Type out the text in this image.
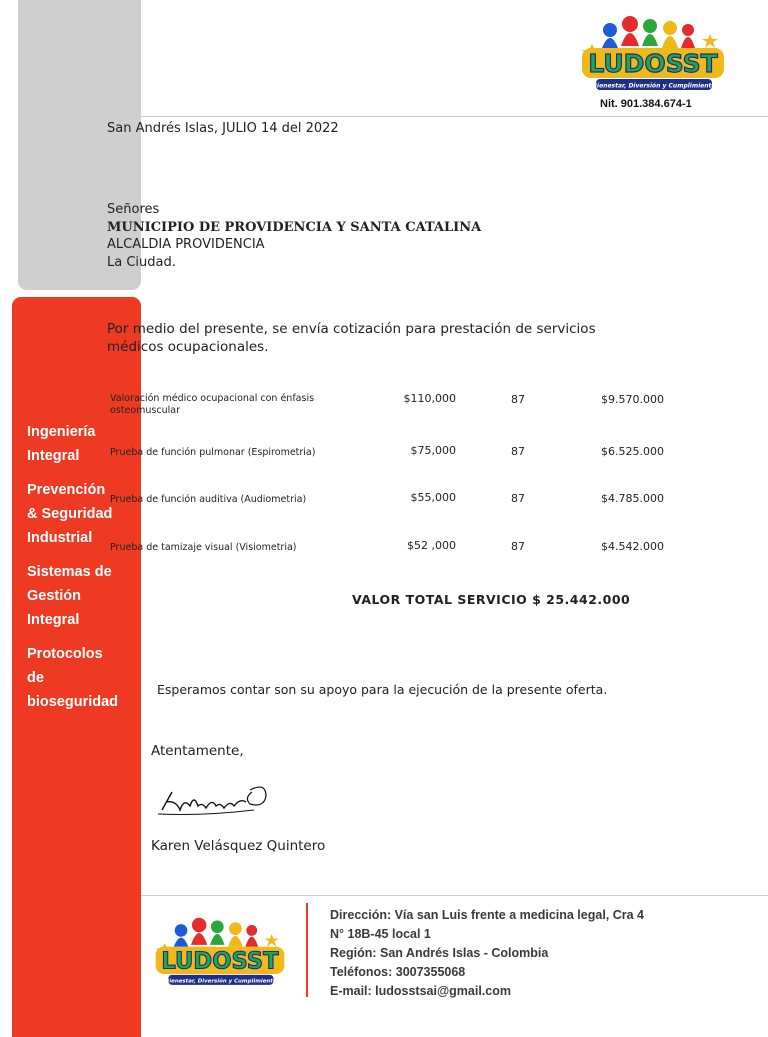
Ingeniería
Integral
Prevención
& Seguridad
Industrial
Sistemas de
Gestión
Integral
Protocolos
de
bioseguridad
LUDOSST
Bienestar, Diversión y Cumplimiento
Nit. 901.384.674-1
San Andrés Islas, JULIO 14 del 2022
Señores
MUNICIPIO DE PROVIDENCIA Y SANTA CATALINA
ALCALDIA PROVIDENCIA
La Ciudad.
Por medio del presente, se envía cotización para prestación de servicios médicos ocupacionales.
Valoración médico ocupacional con énfasis osteomuscular
$110,000	87	$9.570.000
Prueba de función pulmonar (Espirometria)	$75,000	87	$6.525.000
Prueba de función auditiva (Audiometria)	$55,000	87	$4.785.000
Prueba de tamizaje visual (Visiometria)	$52 ,000	87	$4.542.000
VALOR TOTAL SERVICIO $ 25.442.000
Esperamos contar son su apoyo para la ejecución de la presente oferta.
Atentamente,
Karen Velásquez Quintero
LUDOSST
Bienestar, Diversión y Cumplimiento
Dirección: Vía san Luis frente a medicina legal, Cra 4
N° 18B-45 local 1
Región: San Andrés Islas - Colombia
Teléfonos: 3007355068
E-mail: ludosstsai@gmail.com
